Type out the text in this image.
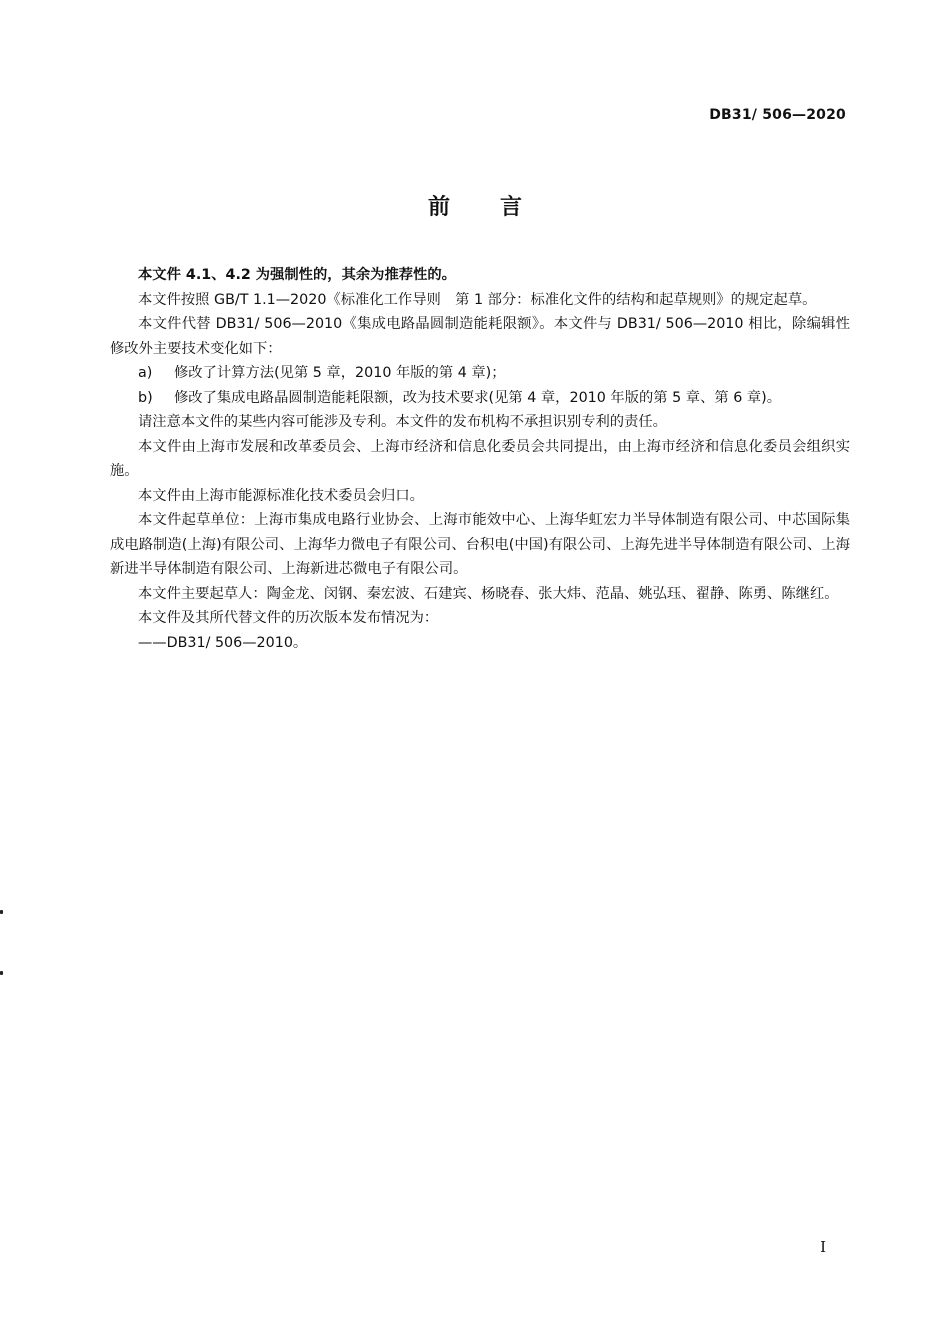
DB31/ 506—2020
前言

本文件 4.1、4.2 为强制性的，其余为推荐性的。

本文件按照 GB/T 1.1—2020《标准化工作导则　第 1 部分：标准化文件的结构和起草规则》的规定起草。

本文件代替 DB31/ 506—2010《集成电路晶圆制造能耗限额》。本文件与 DB31/ 506—2010 相比，除编辑性修改外主要技术变化如下：

a) 修改了计算方法(见第 5 章，2010 年版的第 4 章)；

b) 修改了集成电路晶圆制造能耗限额，改为技术要求(见第 4 章，2010 年版的第 5 章、第 6 章)。

请注意本文件的某些内容可能涉及专利。本文件的发布机构不承担识别专利的责任。

本文件由上海市发展和改革委员会、上海市经济和信息化委员会共同提出，由上海市经济和信息化委员会组织实施。

本文件由上海市能源标准化技术委员会归口。

本文件起草单位：上海市集成电路行业协会、上海市能效中心、上海华虹宏力半导体制造有限公司、中芯国际集成电路制造(上海)有限公司、上海华力微电子有限公司、台积电(中国)有限公司、上海先进半导体制造有限公司、上海新进半导体制造有限公司、上海新进芯微电子有限公司。

本文件主要起草人：陶金龙、闵钢、秦宏波、石建宾、杨晓春、张大炜、范晶、姚弘珏、翟静、陈勇、陈继红。

本文件及其所代替文件的历次版本发布情况为：

——DB31/ 506—2010。

I
